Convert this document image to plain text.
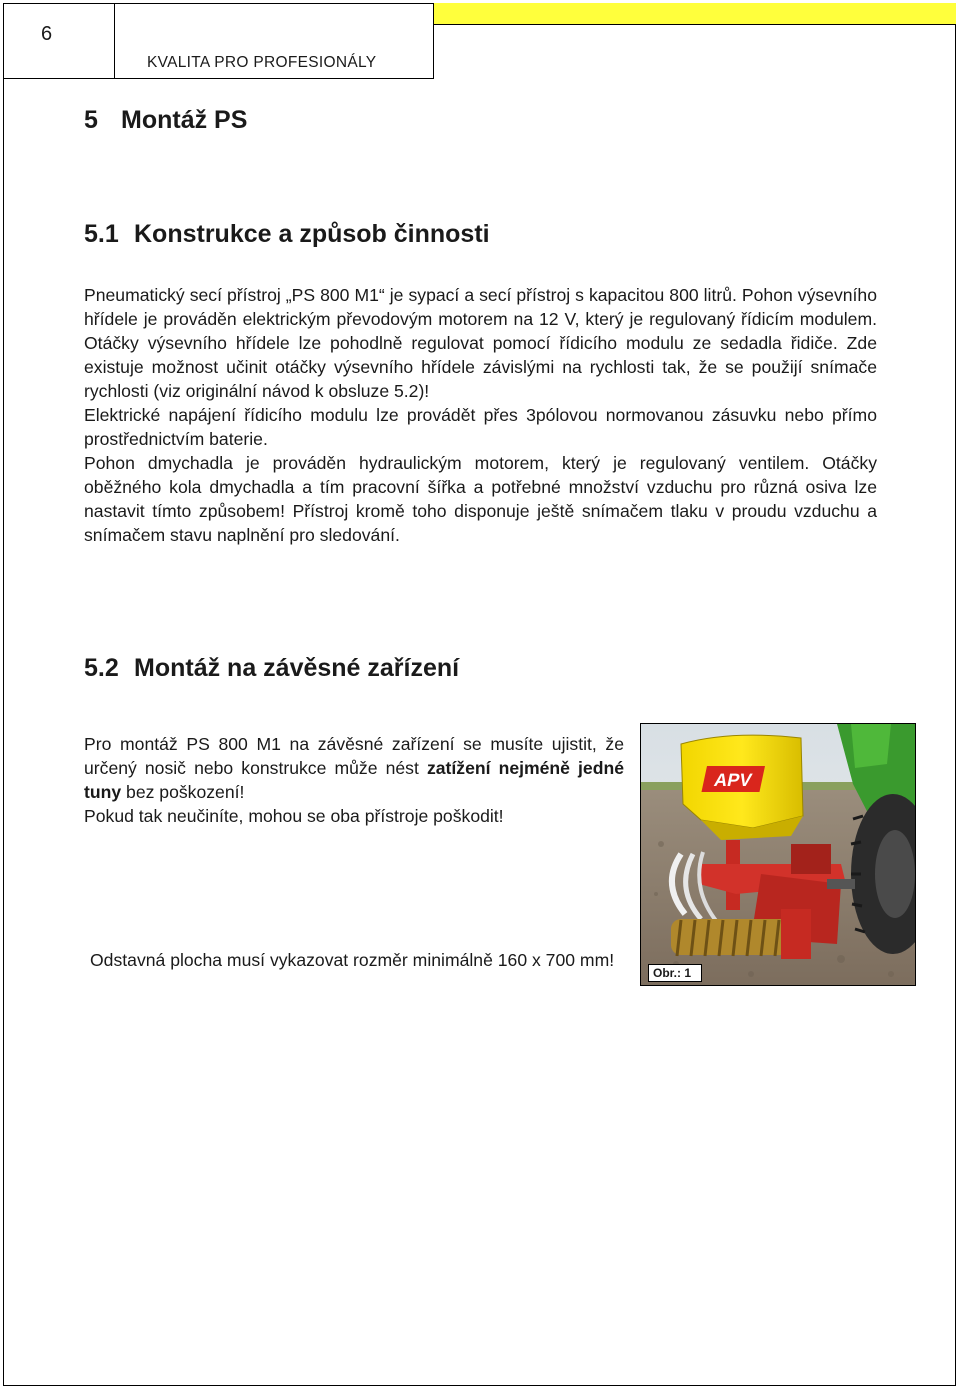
6
KVALITA PRO PROFESIONÁLY
5 Montáž PS
5.1 Konstrukce a způsob činnosti

Pneumatický secí přístroj „PS 800 M1“ je sypací a secí přístroj s kapacitou 800 litrů. Pohon výsevního hřídele je prováděn elektrickým převodovým motorem na 12 V, který je regulovaný řídicím modulem. Otáčky výsevního hřídele lze pohodlně regulovat pomocí řídicího modulu ze sedadla řidiče. Zde existuje možnost učinit otáčky výsevního hřídele závislými na rychlosti tak, že se použijí snímače rychlosti (viz originální návod k obsluze 5.2)!

Elektrické napájení řídicího modulu lze provádět přes 3pólovou normovanou zásuvku nebo přímo prostřednictvím baterie.

Pohon dmychadla je prováděn hydraulickým motorem, který je regulovaný ventilem. Otáčky oběžného kola dmychadla a tím pracovní šířka a potřebné množství vzduchu pro různá osiva lze nastavit tímto způsobem! Přístroj kromě toho disponuje ještě snímačem tlaku v proudu vzduchu a snímačem stavu naplnění pro sledování.

5.2 Montáž na závěsné zařízení

Pro montáž PS 800 M1 na závěsné zařízení se musíte ujistit, že určený nosič nebo konstrukce může nést zatížení nejméně jedné tuny bez poškození!

Pokud tak neučiníte, mohou se oba přístroje poškodit!

Odstavná plocha musí vykazovat rozměr minimálně 160 x 700 mm!

APV
Obr.: 1
